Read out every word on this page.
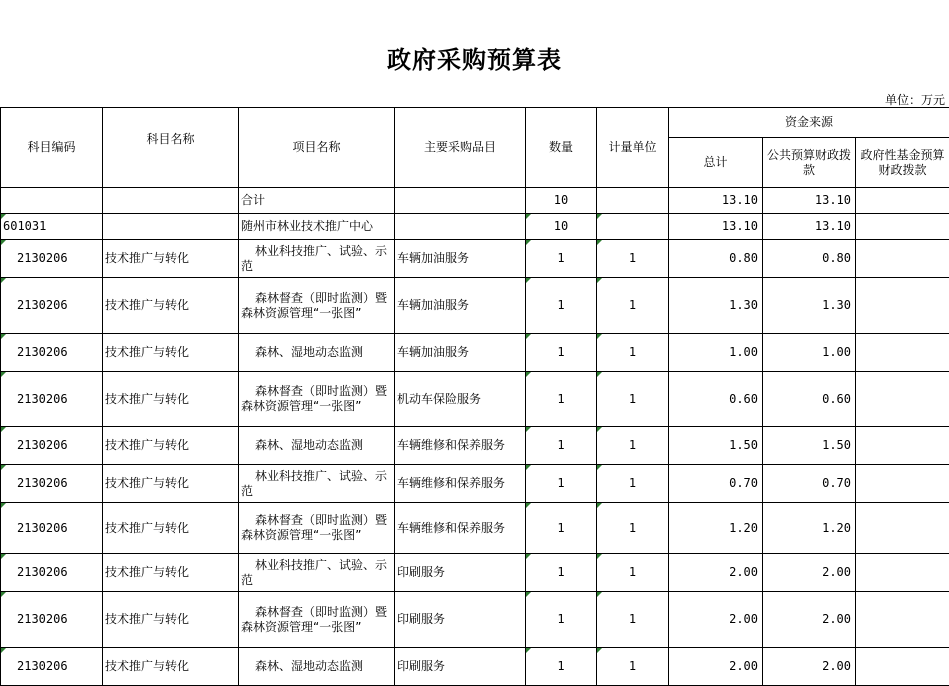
政府采购预算表
单位：万元
科目编码	科目名称	项目名称	主要采购品目	数量	计量单位	资金来源		
						总计	公共预算财政拨款	政府性基金预算财政拨款
		合计		10		13.10	13.10	
601031		随州市林业技术推广中心		10		13.10	13.10	
2130206	技术推广与转化	林业科技推广、试验、示范	车辆加油服务	1	1	0.80	0.80	
2130206	技术推广与转化	森林督查（即时监测）暨森林资源管理“一张图”	车辆加油服务	1	1	1.30	1.30	
2130206	技术推广与转化	森林、湿地动态监测	车辆加油服务	1	1	1.00	1.00	
2130206	技术推广与转化	森林督查（即时监测）暨森林资源管理“一张图”	机动车保险服务	1	1	0.60	0.60	
2130206	技术推广与转化	森林、湿地动态监测	车辆维修和保养服务	1	1	1.50	1.50	
2130206	技术推广与转化	林业科技推广、试验、示范	车辆维修和保养服务	1	1	0.70	0.70	
2130206	技术推广与转化	森林督查（即时监测）暨森林资源管理“一张图”	车辆维修和保养服务	1	1	1.20	1.20	
2130206	技术推广与转化	林业科技推广、试验、示范	印刷服务	1	1	2.00	2.00	
2130206	技术推广与转化	森林督查（即时监测）暨森林资源管理“一张图”	印刷服务	1	1	2.00	2.00	
2130206	技术推广与转化	森林、湿地动态监测	印刷服务	1	1	2.00	2.00	
